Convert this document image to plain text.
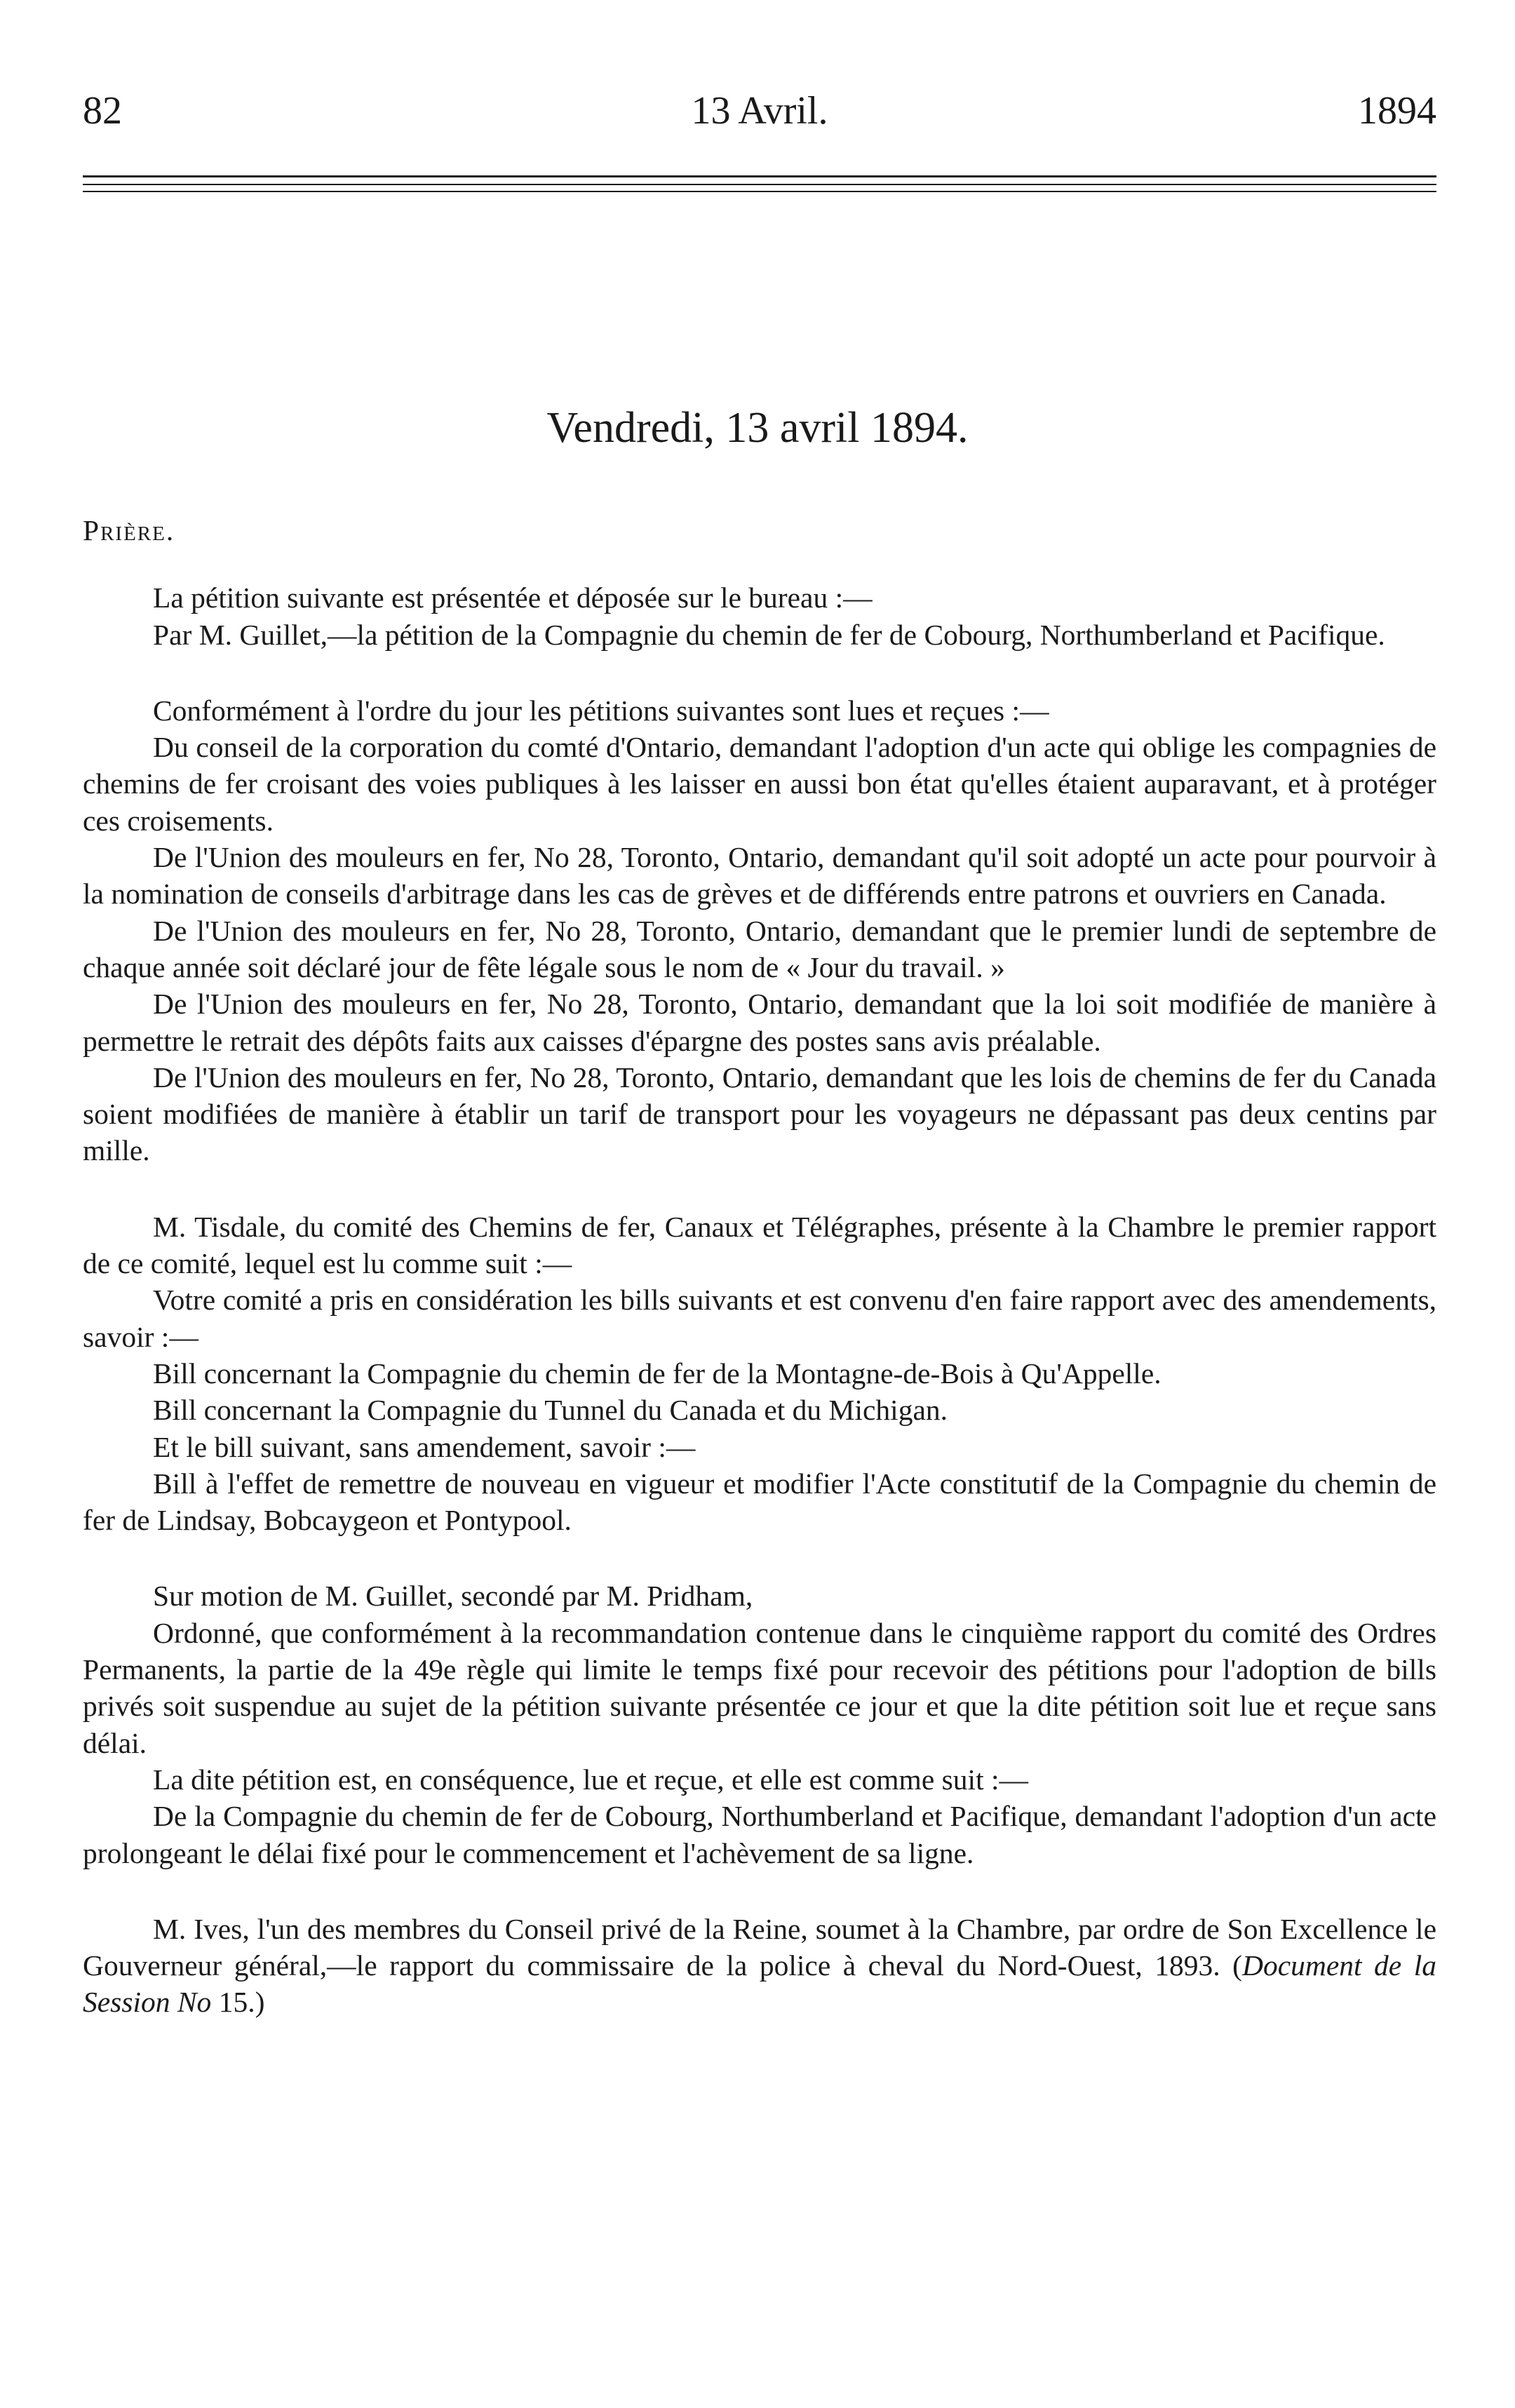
82	13 Avril.	1894
Vendredi, 13 avril 1894.

Prière.

La pétition suivante est présentée et déposée sur le bureau :—

Par M. Guillet,—la pétition de la Compagnie du chemin de fer de Cobourg, Northumberland et Pacifique.

Conformément à l'ordre du jour les pétitions suivantes sont lues et reçues :—

Du conseil de la corporation du comté d'Ontario, demandant l'adoption d'un acte qui oblige les compagnies de chemins de fer croisant des voies publiques à les laisser en aussi bon état qu'elles étaient auparavant, et à protéger ces croisements.

De l'Union des mouleurs en fer, No 28, Toronto, Ontario, demandant qu'il soit adopté un acte pour pourvoir à la nomination de conseils d'arbitrage dans les cas de grèves et de différends entre patrons et ouvriers en Canada.

De l'Union des mouleurs en fer, No 28, Toronto, Ontario, demandant que le premier lundi de septembre de chaque année soit déclaré jour de fête légale sous le nom de « Jour du travail. »

De l'Union des mouleurs en fer, No 28, Toronto, Ontario, demandant que la loi soit modifiée de manière à permettre le retrait des dépôts faits aux caisses d'épargne des postes sans avis préalable.

De l'Union des mouleurs en fer, No 28, Toronto, Ontario, demandant que les lois de chemins de fer du Canada soient modifiées de manière à établir un tarif de transport pour les voyageurs ne dépassant pas deux centins par mille.

M. Tisdale, du comité des Chemins de fer, Canaux et Télégraphes, présente à la Chambre le premier rapport de ce comité, lequel est lu comme suit :—

Votre comité a pris en considération les bills suivants et est convenu d'en faire rapport avec des amendements, savoir :—

Bill concernant la Compagnie du chemin de fer de la Montagne-de-Bois à Qu'Appelle.

Bill concernant la Compagnie du Tunnel du Canada et du Michigan.

Et le bill suivant, sans amendement, savoir :—

Bill à l'effet de remettre de nouveau en vigueur et modifier l'Acte constitutif de la Compagnie du chemin de fer de Lindsay, Bobcaygeon et Pontypool.

Sur motion de M. Guillet, secondé par M. Pridham,

Ordonné, que conformément à la recommandation contenue dans le cinquième rapport du comité des Ordres Permanents, la partie de la 49e règle qui limite le temps fixé pour recevoir des pétitions pour l'adoption de bills privés soit suspendue au sujet de la pétition suivante présentée ce jour et que la dite pétition soit lue et reçue sans délai.

La dite pétition est, en conséquence, lue et reçue, et elle est comme suit :—

De la Compagnie du chemin de fer de Cobourg, Northumberland et Pacifique, demandant l'adoption d'un acte prolongeant le délai fixé pour le commencement et l'achèvement de sa ligne.

M. Ives, l'un des membres du Conseil privé de la Reine, soumet à la Chambre, par ordre de Son Excellence le Gouverneur général,—le rapport du commissaire de la police à cheval du Nord-Ouest, 1893. (Document de la Session No 15.)
